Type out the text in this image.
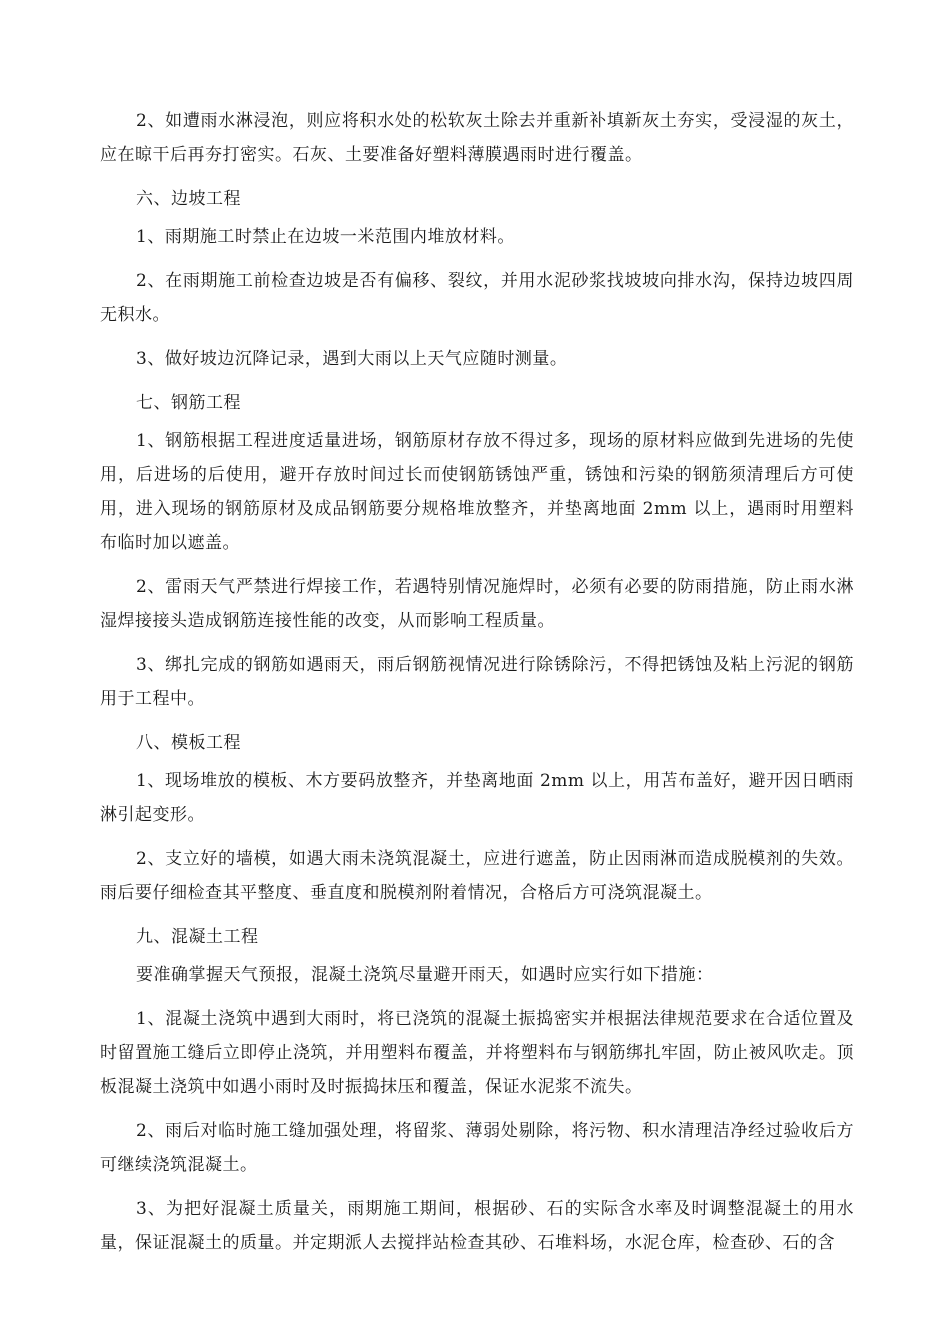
2、如遭雨水淋浸泡，则应将积水处的松软灰土除去并重新补填新灰土夯实，受浸湿的灰土，应在晾干后再夯打密实。石灰、土要准备好塑料薄膜遇雨时进行覆盖。

六、边坡工程

1、雨期施工时禁止在边坡一米范围内堆放材料。

2、在雨期施工前检查边坡是否有偏移、裂纹，并用水泥砂浆找坡坡向排水沟，保持边坡四周无积水。

3、做好坡边沉降记录，遇到大雨以上天气应随时测量。

七、钢筋工程

1、钢筋根据工程进度适量进场，钢筋原材存放不得过多，现场的原材料应做到先进场的先使用，后进场的后使用，避开存放时间过长而使钢筋锈蚀严重，锈蚀和污染的钢筋须清理后方可使用，进入现场的钢筋原材及成品钢筋要分规格堆放整齐，并垫离地面 2mm 以上，遇雨时用塑料布临时加以遮盖。

2、雷雨天气严禁进行焊接工作，若遇特别情况施焊时，必须有必要的防雨措施，防止雨水淋湿焊接接头造成钢筋连接性能的改变，从而影响工程质量。

3、绑扎完成的钢筋如遇雨天，雨后钢筋视情况进行除锈除污，不得把锈蚀及粘上污泥的钢筋用于工程中。

八、模板工程

1、现场堆放的模板、木方要码放整齐，并垫离地面 2mm 以上，用苫布盖好，避开因日晒雨淋引起变形。

2、支立好的墙模，如遇大雨未浇筑混凝土，应进行遮盖，防止因雨淋而造成脱模剂的失效。雨后要仔细检查其平整度、垂直度和脱模剂附着情况，合格后方可浇筑混凝土。

九、混凝土工程

要准确掌握天气预报，混凝土浇筑尽量避开雨天，如遇时应实行如下措施：

1、混凝土浇筑中遇到大雨时，将已浇筑的混凝土振捣密实并根据法律规范要求在合适位置及时留置施工缝后立即停止浇筑，并用塑料布覆盖，并将塑料布与钢筋绑扎牢固，防止被风吹走。顶板混凝土浇筑中如遇小雨时及时振捣抹压和覆盖，保证水泥浆不流失。

2、雨后对临时施工缝加强处理，将留浆、薄弱处剔除，将污物、积水清理洁净经过验收后方可继续浇筑混凝土。

3、为把好混凝土质量关，雨期施工期间，根据砂、石的实际含水率及时调整混凝土的用水量，保证混凝土的质量。并定期派人去搅拌站检查其砂、石堆料场，水泥仓库，检查砂、石的含
